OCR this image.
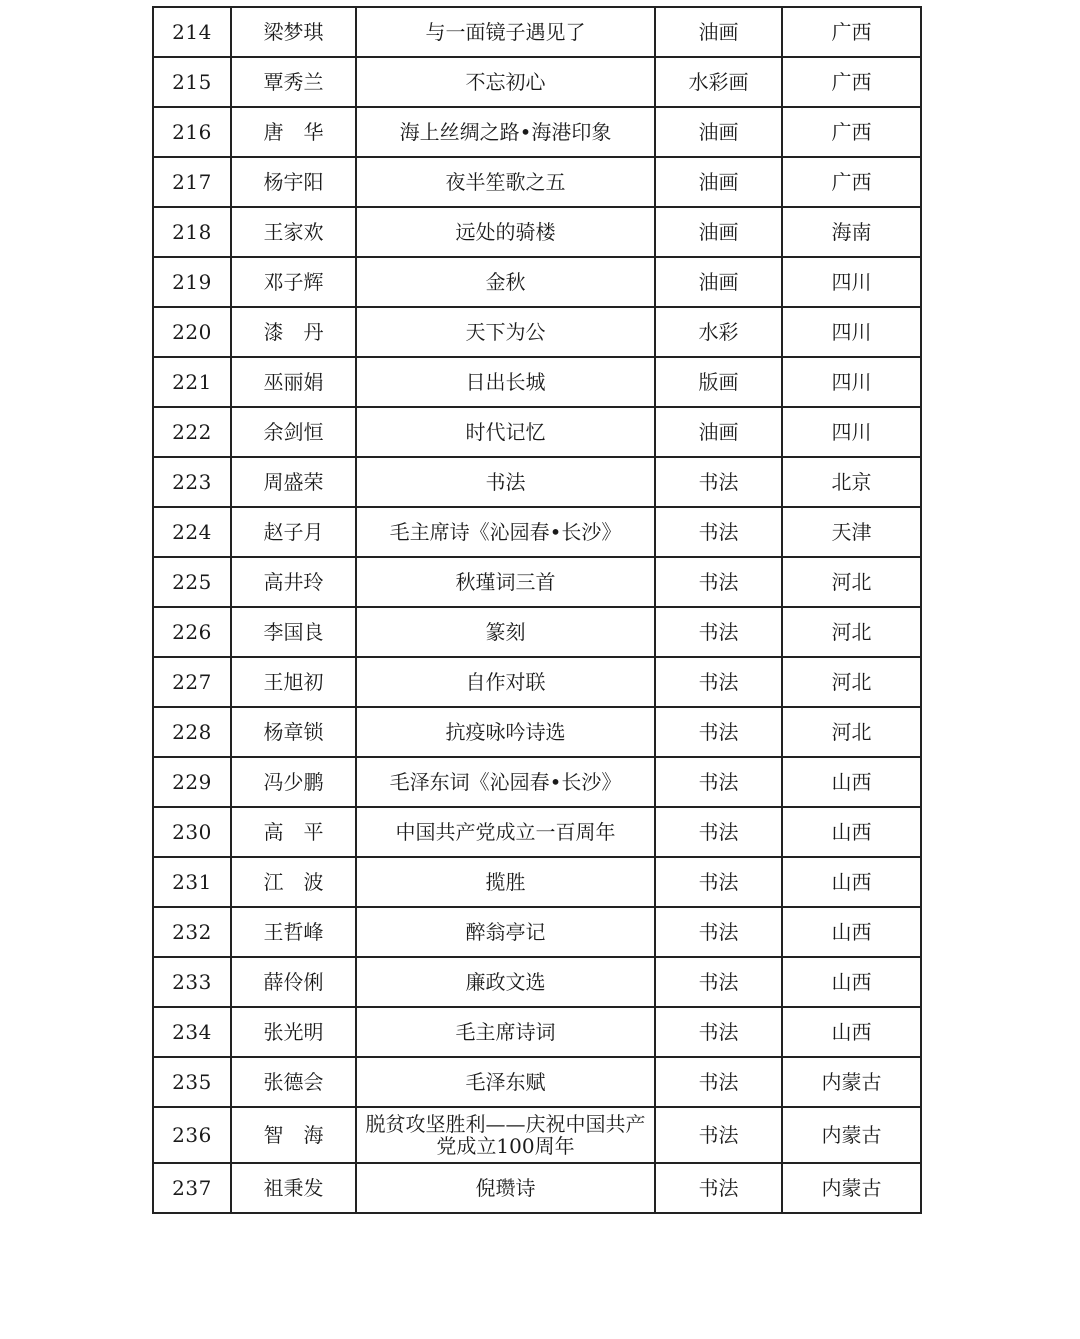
214	梁梦琪	与一面镜子遇见了	油画	广西
215	覃秀兰	不忘初心	水彩画	广西
216	唐　华	海上丝绸之路•海港印象	油画	广西
217	杨宇阳	夜半笙歌之五	油画	广西
218	王家欢	远处的骑楼	油画	海南
219	邓子辉	金秋	油画	四川
220	漆　丹	天下为公	水彩	四川
221	巫丽娟	日出长城	版画	四川
222	余剑恒	时代记忆	油画	四川
223	周盛荣	书法	书法	北京
224	赵子月	毛主席诗《沁园春•长沙》	书法	天津
225	高井玲	秋瑾词三首	书法	河北
226	李国良	篆刻	书法	河北
227	王旭初	自作对联	书法	河北
228	杨章锁	抗疫咏吟诗选	书法	河北
229	冯少鹏	毛泽东词《沁园春•长沙》	书法	山西
230	高　平	中国共产党成立一百周年	书法	山西
231	江　波	揽胜	书法	山西
232	王哲峰	醉翁亭记	书法	山西
233	薛伶俐	廉政文选	书法	山西
234	张光明	毛主席诗词	书法	山西
235	张德会	毛泽东赋	书法	内蒙古
236	智　海	脱贫攻坚胜利——庆祝中国共产
党成立100周年	书法	内蒙古
237	祖秉发	倪瓒诗	书法	内蒙古
